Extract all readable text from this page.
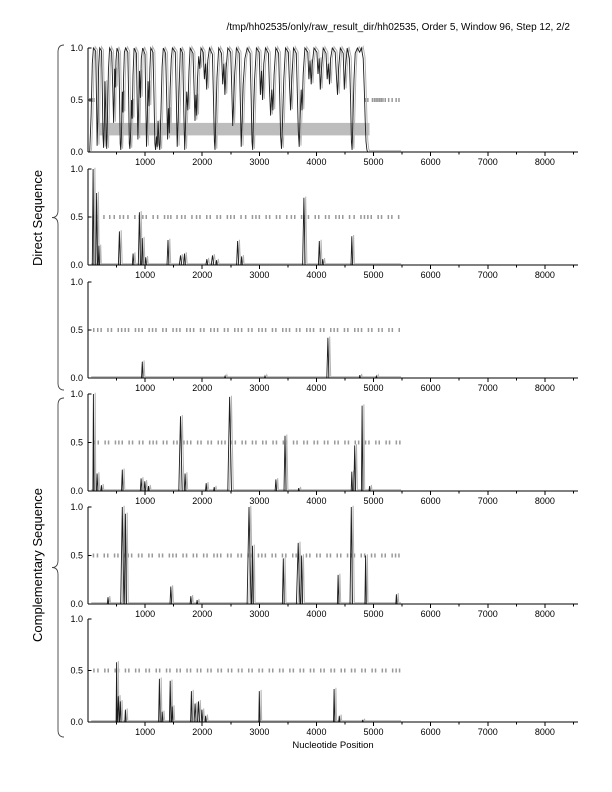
/tmp/hh02535/only/raw_result_dir/hh02535, Order 5, Window 96, Step 12, 2/2
Direct Sequence
Complementary Sequence
0.0
0.5
1.0
1000	2000	3000	4000	5000	6000	7000	8000
0.0
0.5
1.0
1000	2000	3000	4000	5000	6000	7000	8000
0.0
0.5
1.0
1000	2000	3000	4000	5000	6000	7000	8000
0.0
0.5
1.0
1000	2000	3000	4000	5000	6000	7000	8000
0.0
0.5
1.0
1000	2000	3000	4000	5000	6000	7000	8000
0.0
0.5
1.0
1000	2000	3000	4000	5000	6000	7000	8000
Nucleotide Position
